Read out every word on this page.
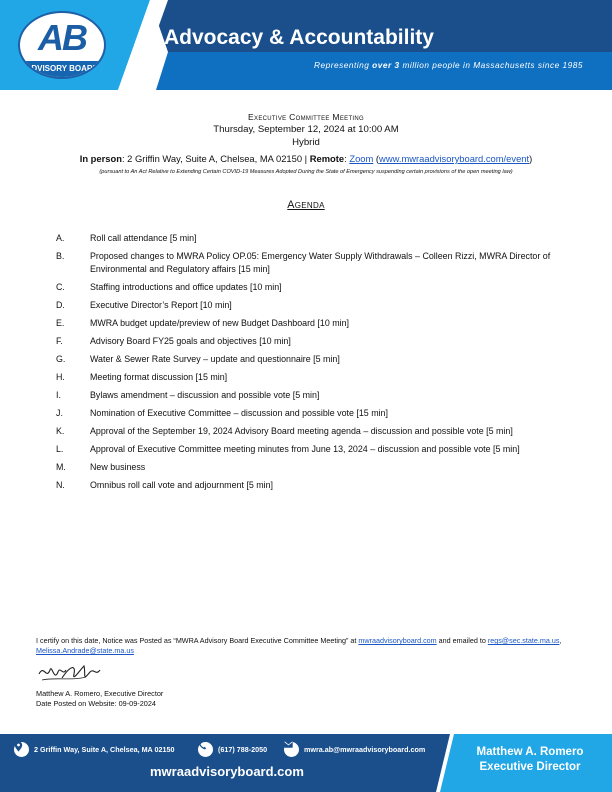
AB
ADVISORY BOARD
Advocacy & Accountability
Representing over 3 million people in Massachusetts since 1985
Executive Committee Meeting
Thursday, September 12, 2024 at 10:00 AM
Hybrid
In person: 2 Griffin Way, Suite A, Chelsea, MA 02150 | Remote: Zoom (www.mwraadvisoryboard.com/event)
(pursuant to An Act Relative to Extending Certain COVID-19 Measures Adopted During the State of Emergency suspending certain provisions of the open meeting law)
Agenda
A.	Roll call attendance [5 min]
B.	Proposed changes to MWRA Policy OP.05: Emergency Water Supply Withdrawals – Colleen Rizzi, MWRA Director of Environmental and Regulatory affairs [15 min]
C.	Staffing introductions and office updates [10 min]
D.	Executive Director’s Report [10 min]
E.	MWRA budget update/preview of new Budget Dashboard [10 min]
F.	Advisory Board FY25 goals and objectives [10 min]
G.	Water & Sewer Rate Survey – update and questionnaire [5 min]
H.	Meeting format discussion [15 min]
I.	Bylaws amendment – discussion and possible vote [5 min]
J.	Nomination of Executive Committee – discussion and possible vote [15 min]
K.	Approval of the September 19, 2024 Advisory Board meeting agenda – discussion and possible vote [5 min]
L.	Approval of Executive Committee meeting minutes from June 13, 2024 – discussion and possible vote [5 min]
M.	New business
N.	Omnibus roll call vote and adjournment [5 min]
I certify on this date, Notice was Posted as “MWRA Advisory Board Executive Committee Meeting” at mwraadvisoryboard.com and emailed to regs@sec.state.ma.us, Melissa.Andrade@state.ma.us
Matthew A. Romero, Executive Director
Date Posted on Website: 09-09-2024
2 Griffin Way, Suite A, Chelsea, MA 02150	(617) 788-2050	mwra.ab@mwraadvisoryboard.com
mwraadvisoryboard.com
Matthew A. Romero
Executive Director
